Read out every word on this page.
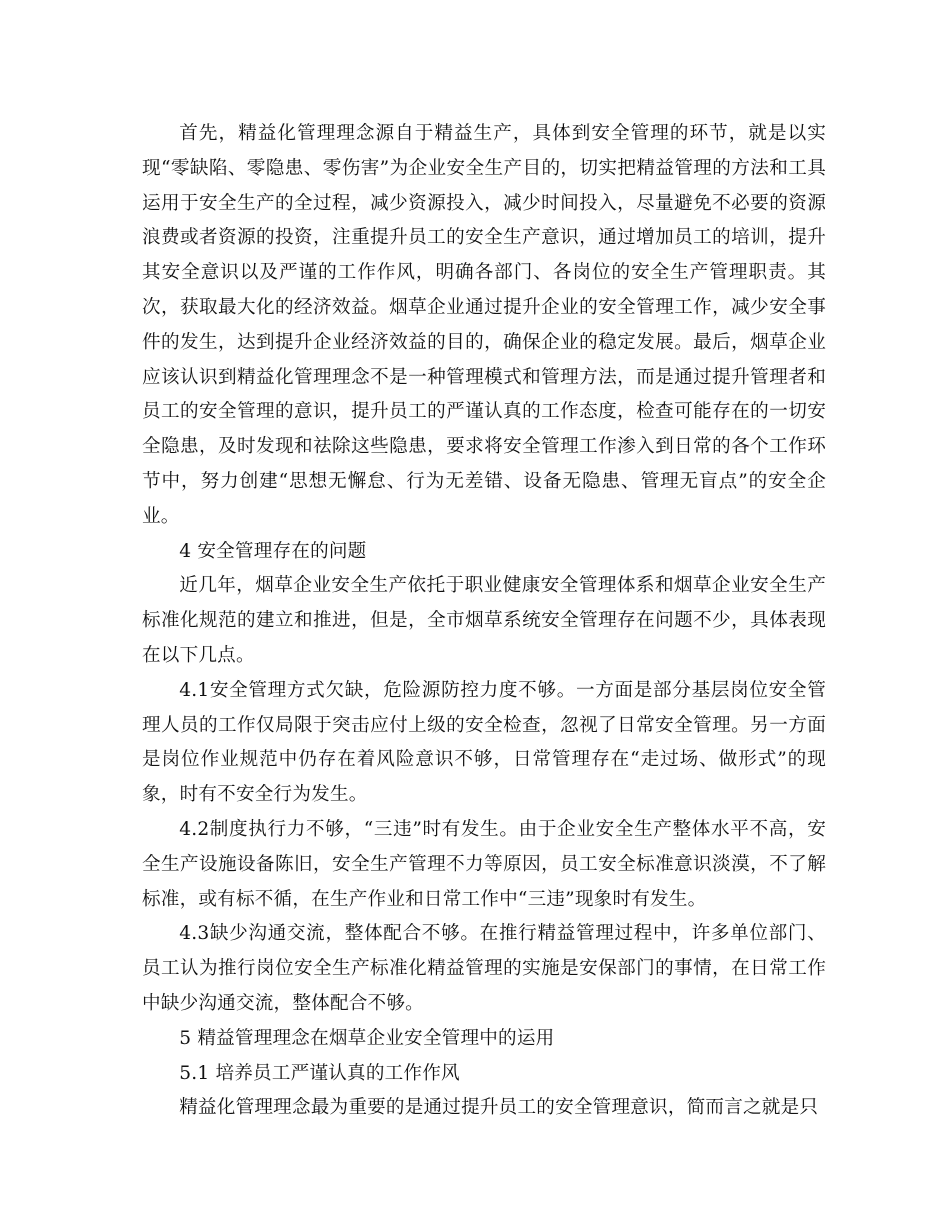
首先，精益化管理理念源自于精益生产，具体到安全管理的环节，就是以实现“零缺陷、零隐患、零伤害”为企业安全生产目的，切实把精益管理的方法和工具运用于安全生产的全过程，减少资源投入，减少时间投入，尽量避免不必要的资源浪费或者资源的投资，注重提升员工的安全生产意识，通过增加员工的培训，提升其安全意识以及严谨的工作作风，明确各部门、各岗位的安全生产管理职责。其次，获取最大化的经济效益。烟草企业通过提升企业的安全管理工作，减少安全事件的发生，达到提升企业经济效益的目的，确保企业的稳定发展。最后，烟草企业应该认识到精益化管理理念不是一种管理模式和管理方法，而是通过提升管理者和员工的安全管理的意识，提升员工的严谨认真的工作态度，检查可能存在的一切安全隐患，及时发现和祛除这些隐患，要求将安全管理工作渗入到日常的各个工作环节中，努力创建“思想无懈怠、行为无差错、设备无隐患、管理无盲点”的安全企业。

4 安全管理存在的问题

近几年，烟草企业安全生产依托于职业健康安全管理体系和烟草企业安全生产标准化规范的建立和推进，但是，全市烟草系统安全管理存在问题不少，具体表现在以下几点。

4.1安全管理方式欠缺，危险源防控力度不够。一方面是部分基层岗位安全管理人员的工作仅局限于突击应付上级的安全检查，忽视了日常安全管理。另一方面是岗位作业规范中仍存在着风险意识不够，日常管理存在“走过场、做形式”的现象，时有不安全行为发生。

4.2制度执行力不够，“三违”时有发生。由于企业安全生产整体水平不高，安全生产设施设备陈旧，安全生产管理不力等原因，员工安全标准意识淡漠，不了解标准，或有标不循，在生产作业和日常工作中“三违”现象时有发生。

4.3缺少沟通交流，整体配合不够。在推行精益管理过程中，许多单位部门、员工认为推行岗位安全生产标准化精益管理的实施是安保部门的事情，在日常工作中缺少沟通交流，整体配合不够。

5 精益管理理念在烟草企业安全管理中的运用

5.1 培养员工严谨认真的工作作风

精益化管理理念最为重要的是通过提升员工的安全管理意识，简而言之就是只
